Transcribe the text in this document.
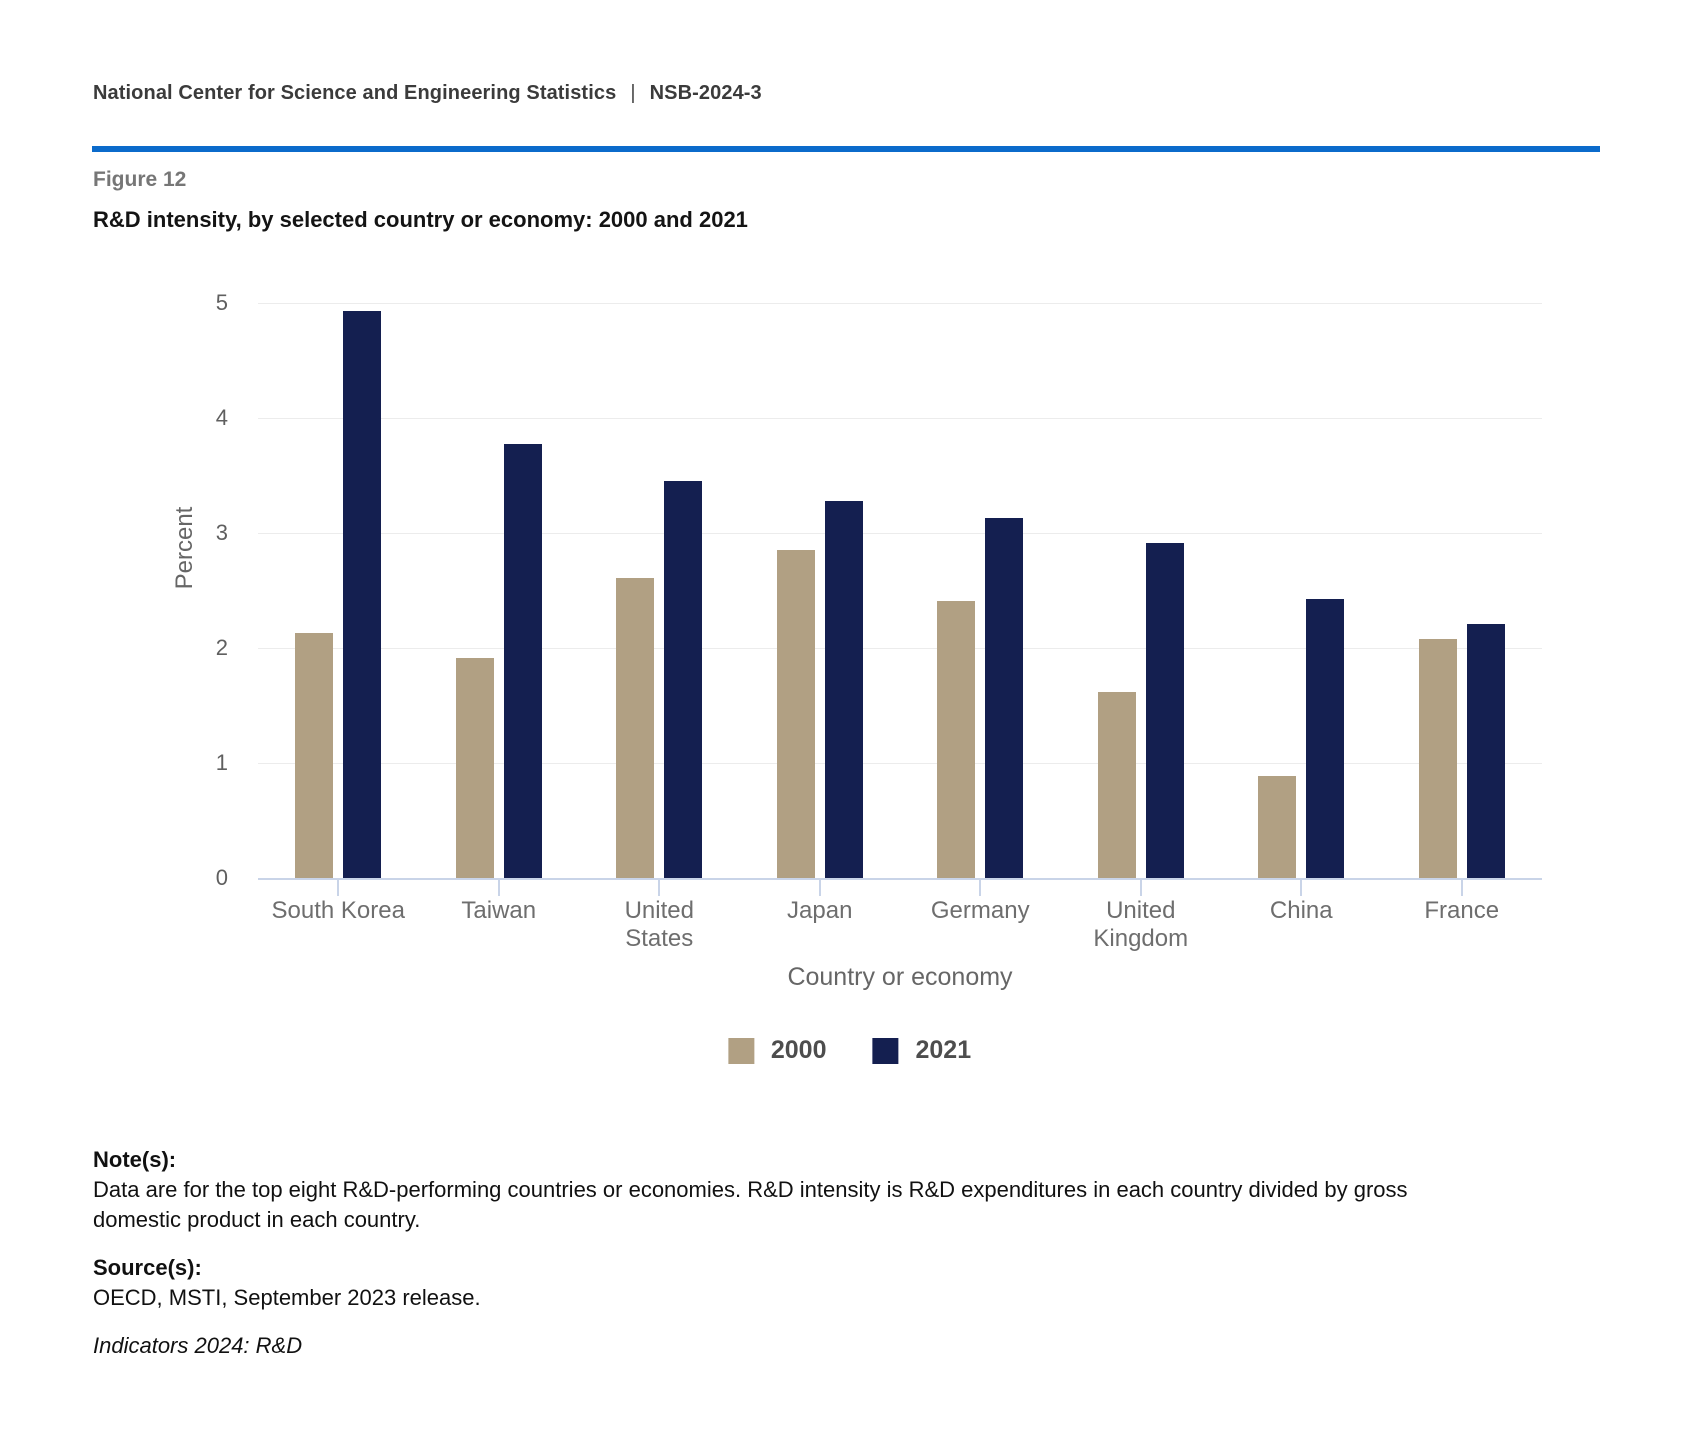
National Center for Science and Engineering Statistics | NSB-2024-3
Figure 12
R&D intensity, by selected country or economy: 2000 and 2021
Percent
Country or economy
0
1
2
3
4
5
South Korea	Taiwan	United
States
Japan	Germany	United
Kingdom
China	France
2000	2021
Note(s):
Data are for the top eight R&D-performing countries or economies. R&D intensity is R&D expenditures in each country divided by gross domestic product in each country.
Source(s):
OECD, MSTI, September 2023 release.
Indicators 2024: R&D
